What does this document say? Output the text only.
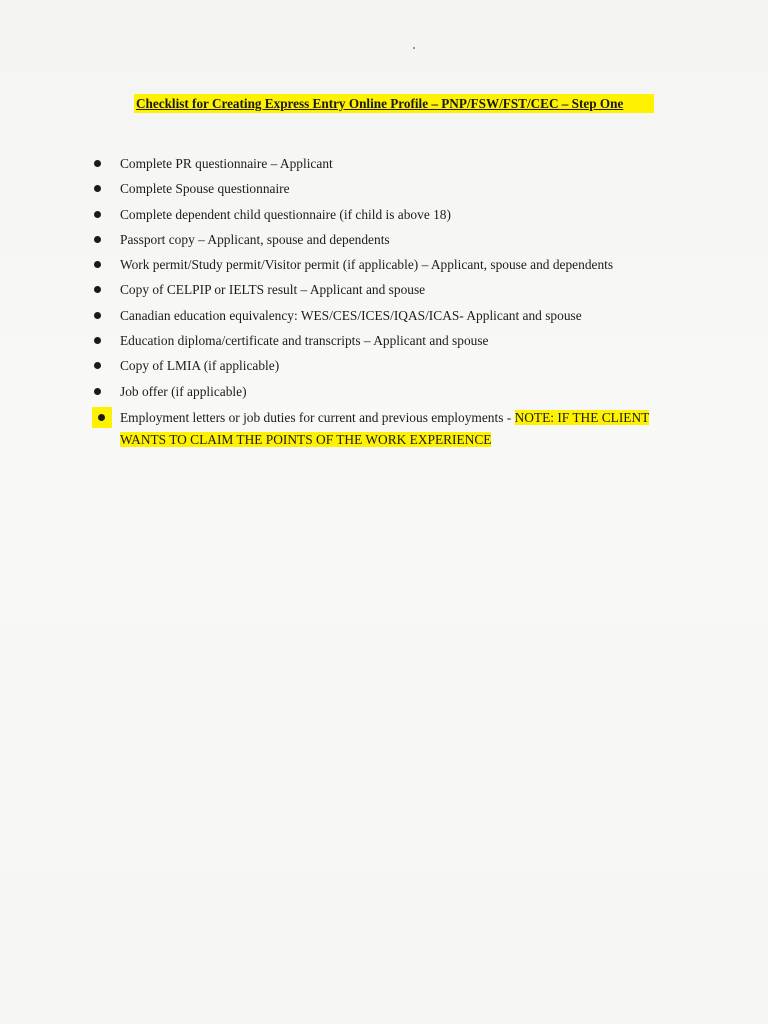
Checklist for Creating Express Entry Online Profile – PNP/FSW/FST/CEC – Step One
Complete PR questionnaire – Applicant
Complete Spouse questionnaire
Complete dependent child questionnaire (if child is above 18)
Passport copy – Applicant, spouse and dependents
Work permit/Study permit/Visitor permit (if applicable) – Applicant, spouse and dependents
Copy of CELPIP or IELTS result – Applicant and spouse
Canadian education equivalency: WES/CES/ICES/IQAS/ICAS- Applicant and spouse
Education diploma/certificate and transcripts – Applicant and spouse
Copy of LMIA (if applicable)
Job offer (if applicable)
Employment letters or job duties for current and previous employments - NOTE: IF THE CLIENT
WANTS TO CLAIM THE POINTS OF THE WORK EXPERIENCE
